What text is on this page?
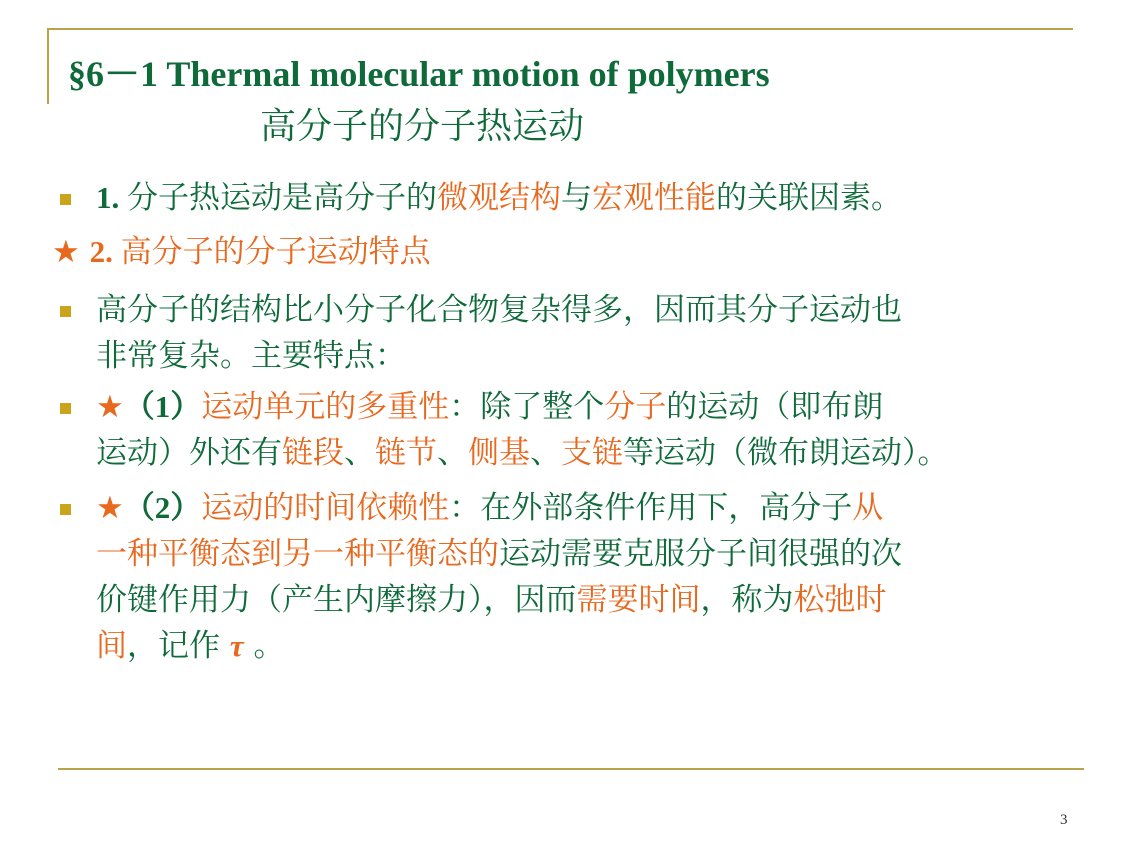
§6－1 Thermal molecular motion of polymers
高分子的分子热运动
1. 分子热运动是高分子的微观结构与宏观性能的关联因素。
★ 2. 高分子的分子运动特点
高分子的结构比小分子化合物复杂得多，因而其分子运动也
非常复杂。主要特点：
★（1）运动单元的多重性：除了整个分子的运动（即布朗
运动）外还有链段、链节、侧基、支链等运动（微布朗运动）。
★（2）运动的时间依赖性：在外部条件作用下，高分子从
一种平衡态到另一种平衡态的运动需要克服分子间很强的次
价键作用力（产生内摩擦力），因而需要时间，称为松弛时
间，记作 τ 。
3
